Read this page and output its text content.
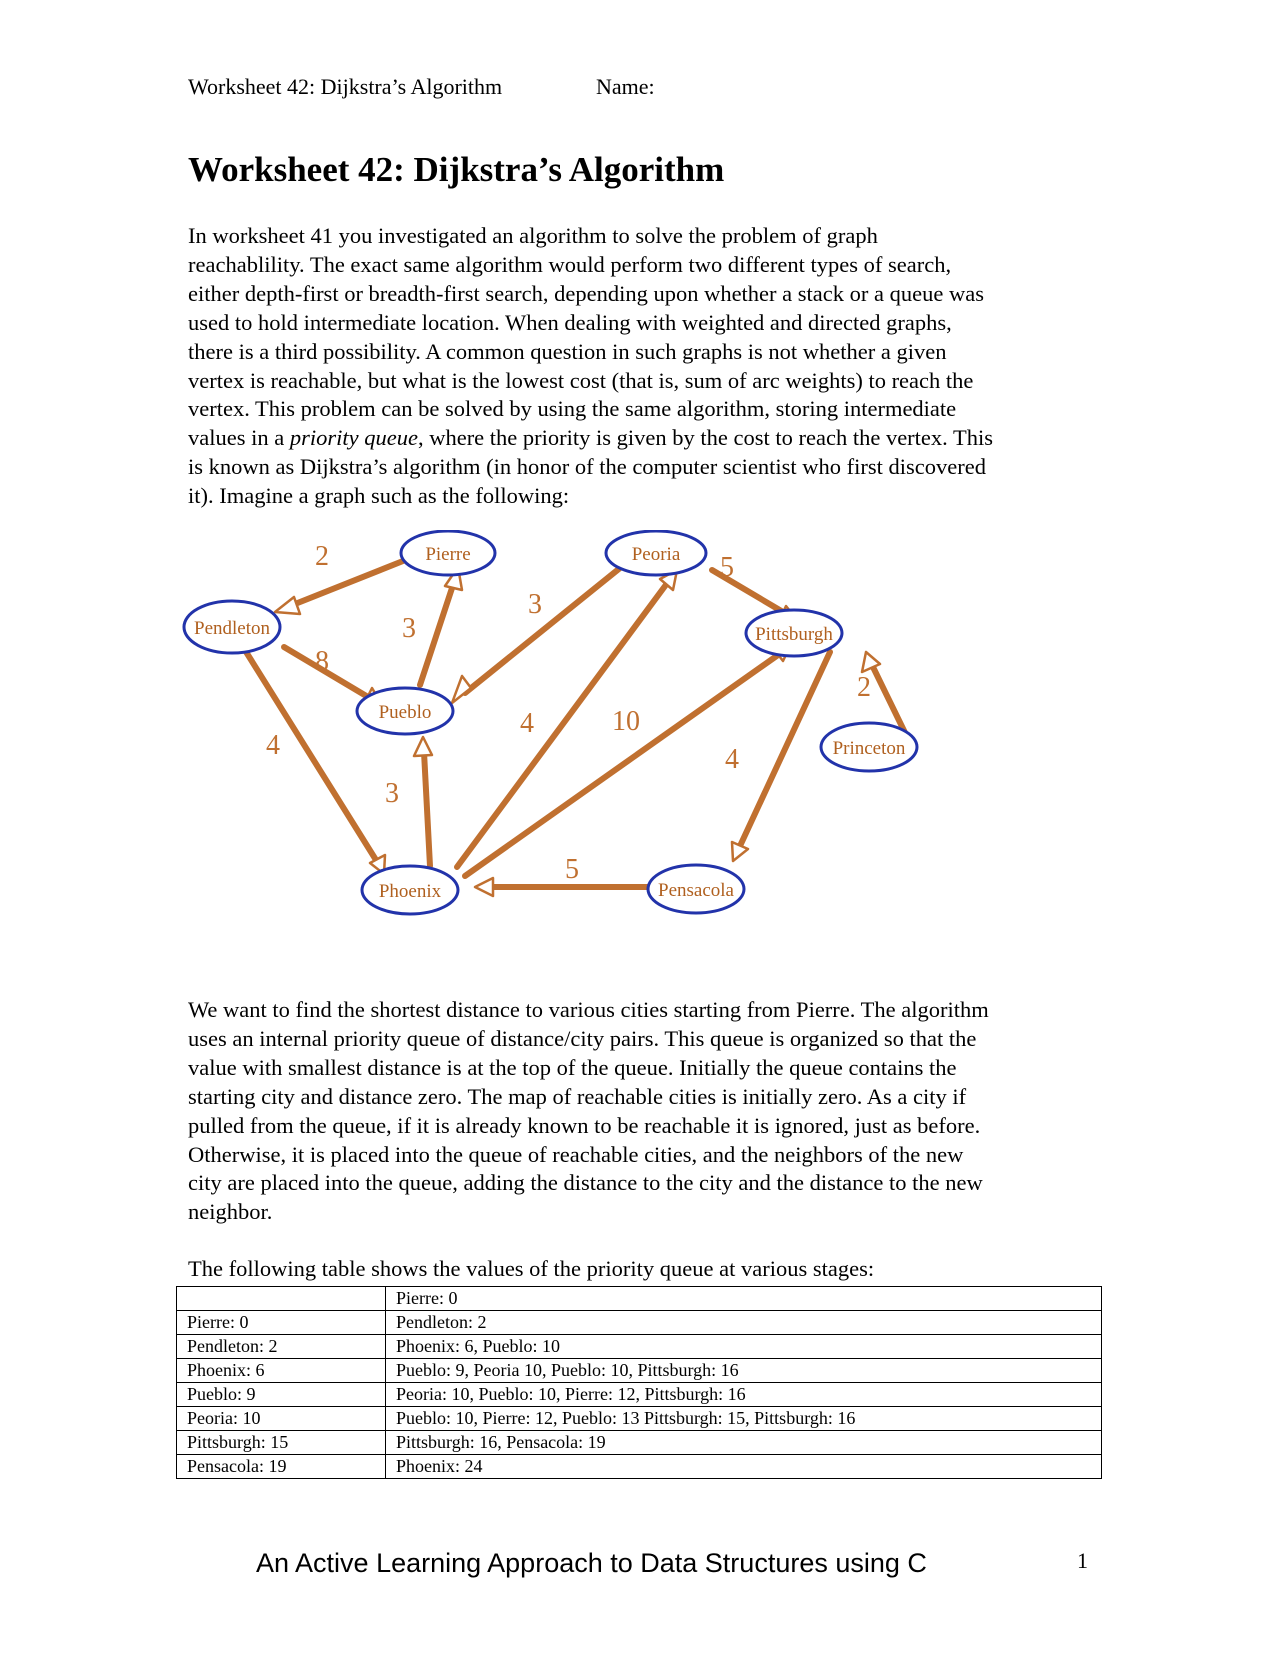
Worksheet 42: Dijkstra’s Algorithm	Name:
Worksheet 42: Dijkstra’s Algorithm

In worksheet 41 you investigated an algorithm to solve the problem of graph
reachablility. The exact same algorithm would perform two different types of search,
either depth-first or breadth-first search, depending upon whether a stack or a queue was
used to hold intermediate location. When dealing with weighted and directed graphs,
there is a third possibility. A common question in such graphs is not whether a given
vertex is reachable, but what is the lowest cost (that is, sum of arc weights) to reach the
vertex. This problem can be solved by using the same algorithm, storing intermediate
values in a priority queue, where the priority is given by the cost to reach the vertex. This
is known as Dijkstra’s algorithm (in honor of the computer scientist who first discovered
it). Imagine a graph such as the following:

2
3
3
5
8
4
3
4	10
2
4
5
Pierre	Peoria
Pendleton	Pittsburgh
Pueblo
Princeton
Phoenix	Pensacola

We want to find the shortest distance to various cities starting from Pierre. The algorithm
uses an internal priority queue of distance/city pairs. This queue is organized so that the
value with smallest distance is at the top of the queue. Initially the queue contains the
starting city and distance zero. The map of reachable cities is initially zero. As a city if
pulled from the queue, if it is already known to be reachable it is ignored, just as before.
Otherwise, it is placed into the queue of reachable cities, and the neighbors of the new
city are placed into the queue, adding the distance to the city and the distance to the new
neighbor.

The following table shows the values of the priority queue at various stages:

	Pierre: 0
Pierre: 0	Pendleton: 2
Pendleton: 2	Phoenix: 6, Pueblo: 10
Phoenix: 6	Pueblo: 9, Peoria 10, Pueblo: 10, Pittsburgh: 16
Pueblo: 9	Peoria: 10, Pueblo: 10, Pierre: 12, Pittsburgh: 16
Peoria: 10	Pueblo: 10, Pierre: 12, Pueblo: 13 Pittsburgh: 15, Pittsburgh: 16
Pittsburgh: 15	Pittsburgh: 16, Pensacola: 19
Pensacola: 19	Phoenix: 24
An Active Learning Approach to Data Structures using C	1
